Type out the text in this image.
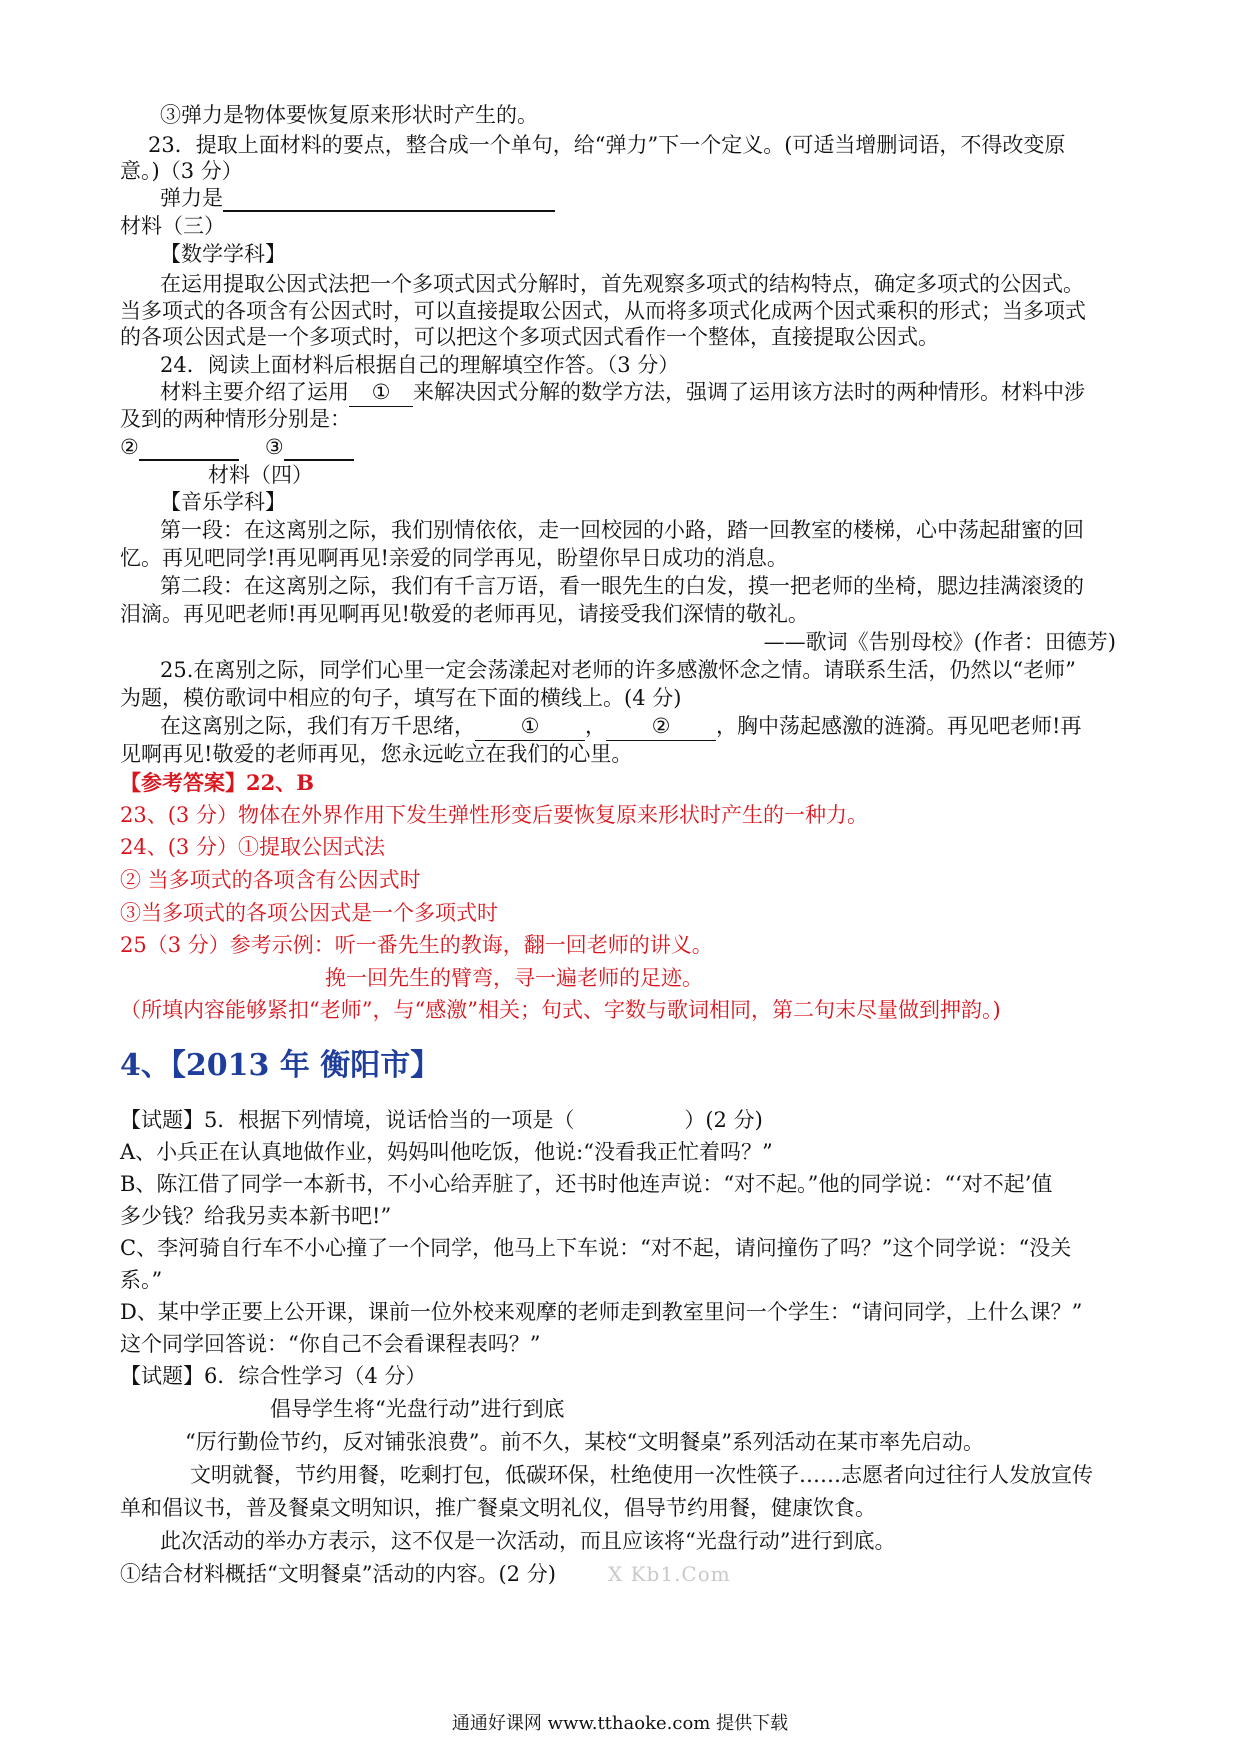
③弹力是物体要恢复原来形状时产生的。
23．提取上面材料的要点，整合成一个单句，给“弹力”下一个定义。(可适当增删词语，不得改变原
意。)（3 分）
弹力是
材料（三）
【数学学科】
在运用提取公因式法把一个多项式因式分解时，首先观察多项式的结构特点，确定多项式的公因式。
当多项式的各项含有公因式时，可以直接提取公因式，从而将多项式化成两个因式乘积的形式；当多项式
的各项公因式是一个多项式时，可以把这个多项式因式看作一个整体，直接提取公因式。
24．阅读上面材料后根据自己的理解填空作答。（3 分）
材料主要介绍了运用 ① 来解决因式分解的数学方法，强调了运用该方法时的两种情形。材料中涉
及到的两种情形分别是：
②	③
材料（四）
【音乐学科】
第一段：在这离别之际，我们别情依依，走一回校园的小路，踏一回教室的楼梯，心中荡起甜蜜的回
忆。再见吧同学!再见啊再见!亲爱的同学再见，盼望你早日成功的消息。
第二段：在这离别之际，我们有千言万语，看一眼先生的白发，摸一把老师的坐椅，腮边挂满滚烫的
泪滴。再见吧老师!再见啊再见!敬爱的老师再见，请接受我们深情的敬礼。
——歌词《告别母校》(作者：田德芳)
25.在离别之际，同学们心里一定会荡漾起对老师的许多感激怀念之情。请联系生活，仍然以“老师”
为题，模仿歌词中相应的句子，填写在下面的横线上。(4 分)
在这离别之际，我们有万千思绪， ① ， ② ，胸中荡起感激的涟漪。再见吧老师!再
见啊再见!敬爱的老师再见，您永远屹立在我们的心里。
【参考答案】22、B
23、(3 分）物体在外界作用下发生弹性形变后要恢复原来形状时产生的一种力。
24、(3 分）①提取公因式法
② 当多项式的各项含有公因式时
③当多项式的各项公因式是一个多项式时
25（3 分）参考示例：听一番先生的教诲，翻一回老师的讲义。
挽一回先生的臂弯，寻一遍老师的足迹。
（所填内容能够紧扣“老师”，与“感激”相关；句式、字数与歌词相同，第二句末尽量做到押韵。)
4、【2013 年 衡阳市】
【试题】5．根据下列情境，说话恰当的一项是（	）(2 分)
A、小兵正在认真地做作业，妈妈叫他吃饭，他说:“没看我正忙着吗？”
B、陈江借了同学一本新书，不小心给弄脏了，还书时他连声说：“对不起。”他的同学说：“‘对不起’值
多少钱？给我另卖本新书吧!”
C、李河骑自行车不小心撞了一个同学，他马上下车说：“对不起，请问撞伤了吗？”这个同学说：“没关
系。”
D、某中学正要上公开课，课前一位外校来观摩的老师走到教室里问一个学生：“请问同学，上什么课？”
这个同学回答说：“你自己不会看课程表吗？”
【试题】6．综合性学习（4 分）
倡导学生将“光盘行动”进行到底
“厉行勤俭节约，反对铺张浪费”。前不久，某校“文明餐桌”系列活动在某市率先启动。
文明就餐，节约用餐，吃剩打包，低碳环保，杜绝使用一次性筷子……志愿者向过往行人发放宣传
单和倡议书，普及餐桌文明知识，推广餐桌文明礼仪，倡导节约用餐，健康饮食。
此次活动的举办方表示，这不仅是一次活动，而且应该将“光盘行动”进行到底。
①结合材料概括“文明餐桌”活动的内容。(2 分)	X Kb1.Com
通通好课网 www.tthaoke.com 提供下载
